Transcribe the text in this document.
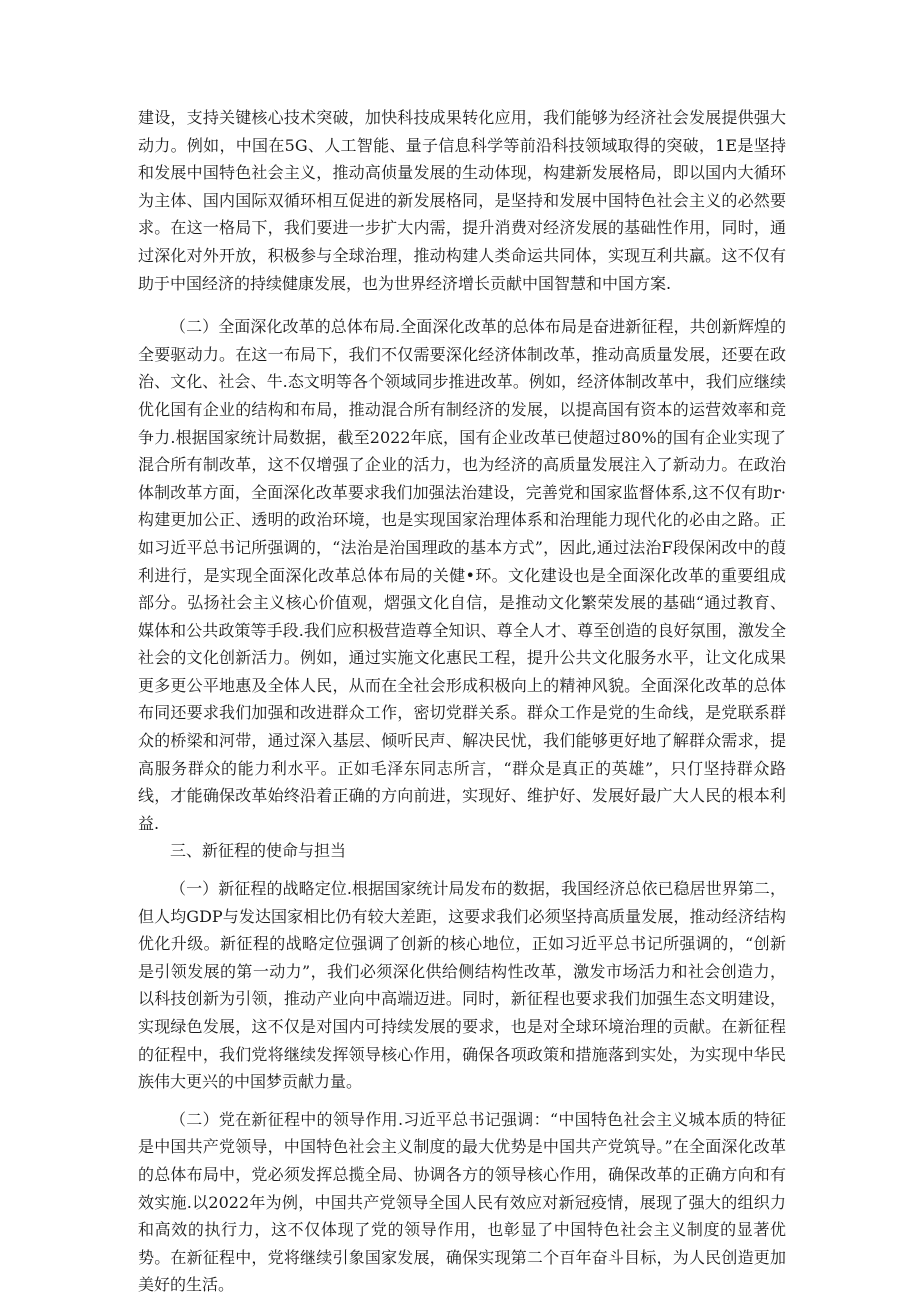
建设，支持关键核心技术突破，加快科技成果转化应用，我们能够为经济社会发展提供强大动力。例如，中国在5G、人工智能、量子信息科学等前沿科技领域取得的突破，1E是坚持和发展中国特色社会主义，推动高侦量发展的生动体现，构建新发展格局，即以国内大循环为主体、国内国际双循环相互促进的新发展格同，是坚持和发展中国特色社会主义的必然要求。在这一格局下，我们要进一步扩大内需，提升消费对经济发展的基础性作用，同时，通过深化对外开放，积极参与全球治理，推动构建人类命运共同体，实现互利共羸。这不仅有助于中国经济的持续健康发展，也为世界经济增长贡献中国智慧和中国方案.

（二）全面深化改革的总体布局.全面深化改革的总体布局是奋进新征程，共创新辉煌的全要驱动力。在这一布局下，我们不仅需要深化经济体制改革，推动高质量发展，还要在政治、文化、社会、牛.态文明等各个领域同步推进改革。例如，经济体制改革中，我们应继续优化国有企业的结构和布局，推动混合所有制经济的发展，以提高国有资本的运营效率和竞争力.根据国家统计局数据，截至2022年底，国有企业改革已使超过80%的国有企业实现了混合所有制改革，这不仅增强了企业的活力，也为经济的高质量发展注入了新动力。在政治体制改革方面，全面深化改革要求我们加强法治建设，完善党和国家监督体系,这不仅有助r·构建更加公正、透明的政治环境，也是实现国家治理体系和治理能力现代化的必由之路。正如习近平总书记所强调的，“法治是治国理政的基本方式”，因此,通过法治F段保闲改中的葭利进行，是实现全面深化改革总体布局的关健•环。文化建设也是全面深化改革的重要组成部分。弘扬社会主义核心价值观，熠强文化自信，是推动文化繁荣发展的基础“通过教育、媒体和公共政策等手段.我们应积极营造尊全知识、尊全人才、尊至创造的良好氛围，激发全社会的文化创新活力。例如，通过实施文化惠民工程，提升公共文化服务水平，让文化成果更多更公平地惠及全体人民，从而在全社会形成积极向上的精神风貌。全面深化改革的总体布同还要求我们加强和改进群众工作，密切党群关系。群众工作是党的生命线，是党联系群众的桥梁和河带，通过深入基层、倾听民声、解决民忧，我们能够更好地了解群众需求，提高服务群众的能力利水平。正如毛泽东同志所言，“群众是真正的英雄”，只仃坚持群众路线，才能确保改革始终沿着正确的方向前进，实现好、维护好、发展好最广大人民的根本利益.

三、新征程的使命与担当

（一）新征程的战略定位.根据国家统计局发布的数据，我国经济总依已稳居世界第二，但人均GDP与发达国家相比仍有较大差距，这要求我们必须坚持高质量发展，推动经济结构优化升级。新征程的战略定位强调了创新的核心地位，正如习近平总书记所强调的，“创新是引领发展的第一动力”，我们必须深化供给侧结构性改革，激发市场活力和社会创造力，以科技创新为引领，推动产业向中高端迈进。同时，新征程也要求我们加强生态文明建设，实现绿色发展，这不仅是对国内可持续发展的要求，也是对全球环境治理的贡献。在新征程的征程中，我们党将继续发挥领导核心作用，确保各项政策和措施落到实处，为实现中华民族伟大更兴的中国梦贡献力量。

（二）党在新征程中的领导作用.习近平总书记强调：“中国特色社会主义城本质的特征是中国共产党领导，中国特色社会主义制度的最大优势是中国共产党筑导。”在全面深化改革的总体布局中，党必须发挥总揽全局、协调各方的领导核心作用，确保改革的正确方向和有效实施.以2022年为例，中国共产党领导全国人民有效应对新冠疫情，展现了强大的组织力和高效的执行力，这不仅体现了党的领导作用，也彰显了中国特色社会主义制度的显著优势。在新征程中，党将继续引象国家发展，确保实现第二个百年奋斗目标，为人民创造更加美好的生活。
